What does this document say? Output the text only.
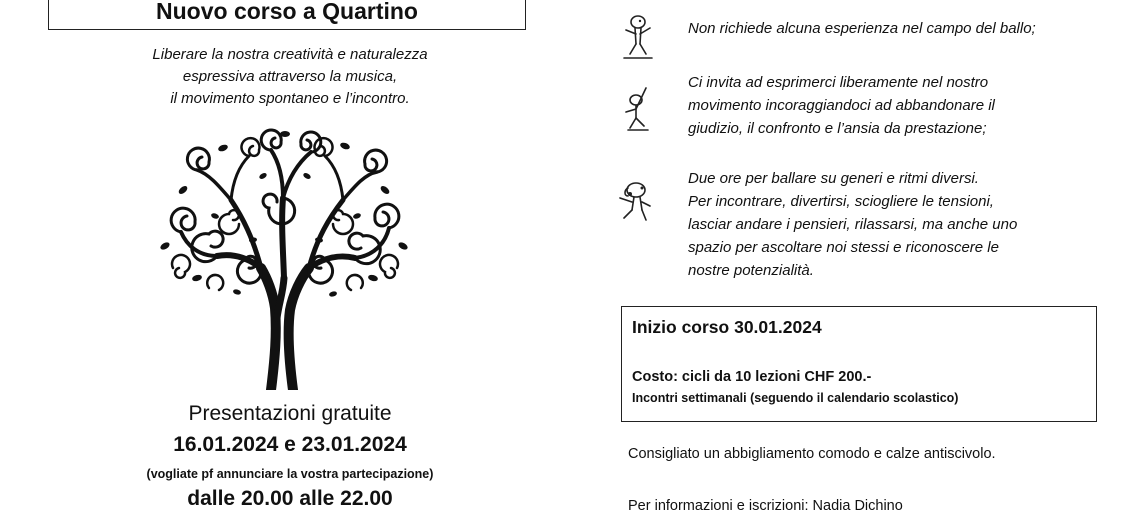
Nuovo corso a Quartino
Liberare la nostra creatività e naturalezza
espressiva attraverso la musica,
il movimento spontaneo e l’incontro.
Presentazioni gratuite
16.01.2024 e 23.01.2024
(vogliate pf annunciare la vostra partecipazione)
dalle 20.00 alle 22.00
Non richiede alcuna esperienza nel campo del ballo;
Ci invita ad esprimerci liberamente nel nostro
movimento incoraggiandoci ad abbandonare il
giudizio, il confronto e l’ansia da prestazione;
Due ore per ballare su generi e ritmi diversi.
Per incontrare, divertirsi, sciogliere le tensioni,
lasciar andare i pensieri, rilassarsi, ma anche uno
spazio per ascoltare noi stessi e riconoscere le
nostre potenzialità.
Inizio corso 30.01.2024
Costo: cicli da 10 lezioni CHF 200.-
Incontri settimanali (seguendo il calendario scolastico)
Consigliato un abbigliamento comodo e calze antiscivolo.
Per informazioni e iscrizioni: Nadia Dichino
